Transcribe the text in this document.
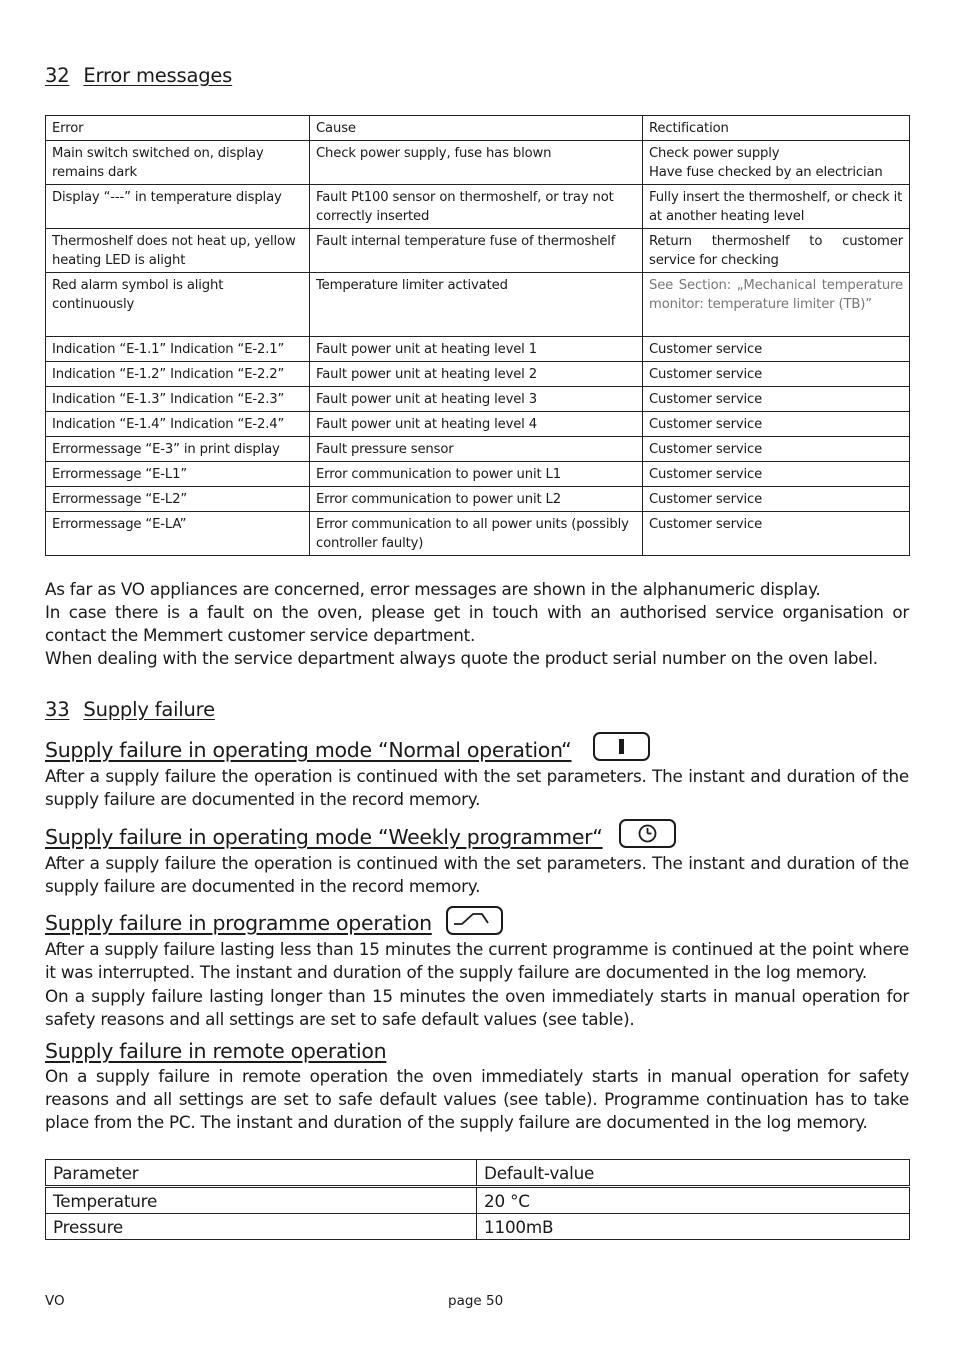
32 Error messages
Error	Cause	Rectification
Main switch switched on, display remains dark	Check power supply, fuse has blown	Check power supply
Have fuse checked by an electrician
Display “---” in temperature display	Fault Pt100 sensor on thermoshelf, or tray not correctly inserted	Fully insert the thermoshelf, or check it at another heating level
Thermoshelf does not heat up, yellow heating LED is alight	Fault internal temperature fuse of thermoshelf	Return thermoshelf to customer service for checking
Red alarm symbol is alight continuously	Temperature limiter activated	See Section: „Mechanical temperature monitor: temperature limiter (TB)”
Indication “E-1.1” Indication “E-2.1”	Fault power unit at heating level 1	Customer service
Indication “E-1.2” Indication “E-2.2”	Fault power unit at heating level 2	Customer service
Indication “E-1.3” Indication “E-2.3”	Fault power unit at heating level 3	Customer service
Indication “E-1.4” Indication “E-2.4”	Fault power unit at heating level 4	Customer service
Errormessage “E-3” in print display	Fault pressure sensor	Customer service
Errormessage “E-L1”	Error communication to power unit L1	Customer service
Errormessage “E-L2”	Error communication to power unit L2	Customer service
Errormessage “E-LA”	Error communication to all power units (possibly controller faulty)	Customer service

As far as VO appliances are concerned, error messages are shown in the alphanumeric display.

In case there is a fault on the oven, please get in touch with an authorised service organisation or contact the Memmert customer service department.

When dealing with the service department always quote the product serial number on the oven label.

33 Supply failure
Supply failure in operating mode “Normal operation“

After a supply failure the operation is continued with the set parameters. The instant and duration of the supply failure are documented in the record memory.

Supply failure in operating mode “Weekly programmer“

After a supply failure the operation is continued with the set parameters. The instant and duration of the supply failure are documented in the record memory.

Supply failure in programme operation

After a supply failure lasting less than 15 minutes the current programme is continued at the point where it was interrupted. The instant and duration of the supply failure are documented in the log memory.

On a supply failure lasting longer than 15 minutes the oven immediately starts in manual operation for safety reasons and all settings are set to safe default values (see table).

Supply failure in remote operation

On a supply failure in remote operation the oven immediately starts in manual operation for safety reasons and all settings are set to safe default values (see table). Programme continuation has to take place from the PC. The instant and duration of the supply failure are documented in the log memory.

Parameter	Default-value
Temperature	20 °C
Pressure	1100mB
VO	page 50
